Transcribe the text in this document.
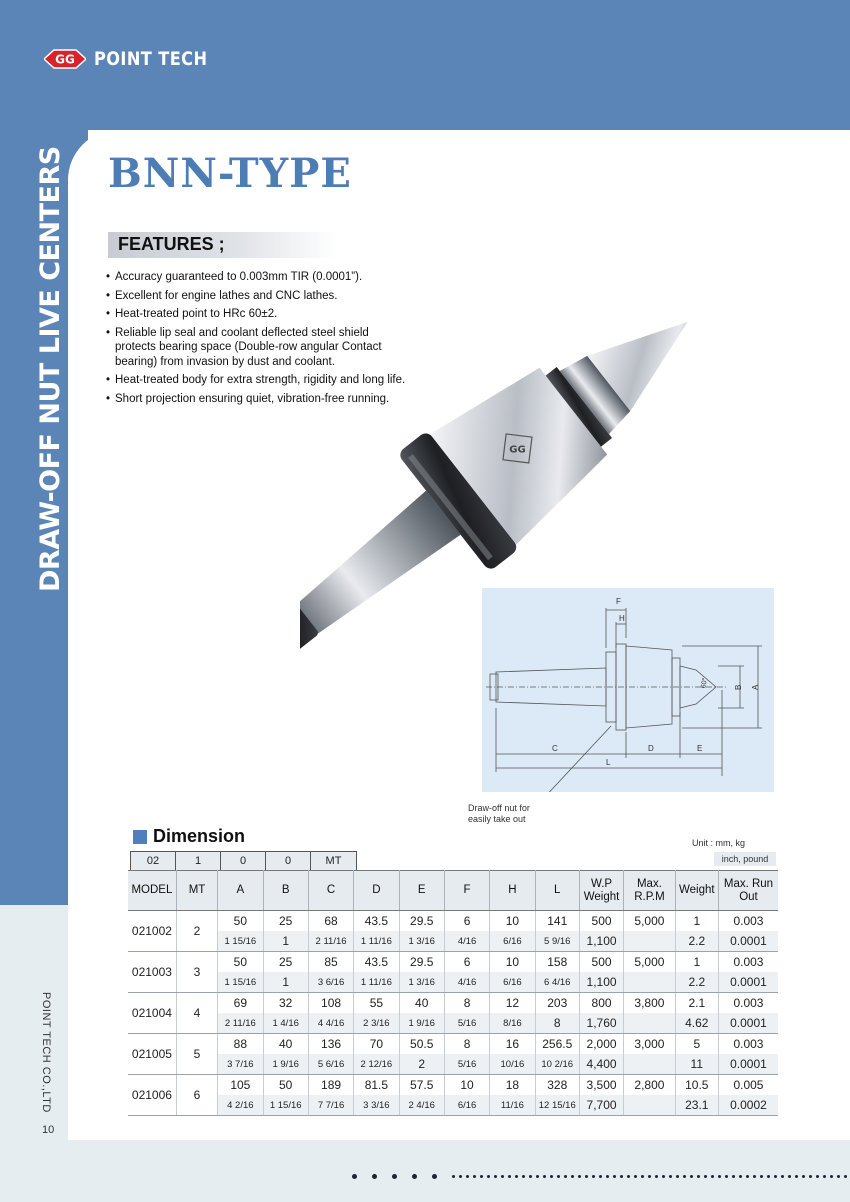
GG POINT TECH
DRAW-OFF NUT LIVE CENTERS
POINT TECH CO.,LTD
10
BNN-TYPE
FEATURES ;
• Accuracy guaranteed to 0.003mm TIR (0.0001”).
• Excellent for engine lathes and CNC lathes.
• Heat-treated point to HRc 60±2.
• Reliable lip seal and coolant deflected steel shield protects bearing space (Double-row angular Contact bearing) from invasion by dust and coolant.
• Heat-treated body for extra strength, rigidity and long life.
• Short projection ensuring quiet, vibration-free running.
GG
F
H
C	D	E
L
B A
60°
Draw-off nut for
easily take out
Dimension	Unit : mm, kg
inch, pound
02	1	0	0	MT
MODEL	MT	A	B	C	D	E	F	H	L	W.P Weight	Max. R.P.M	Weight	Max. Run Out
021002	2	50	25	68	43.5	29.5	6	10	141	500	5,000	1	0.003
		1 15/16	1	2 11/16	1 11/16	1 3/16	4/16	6/16	5 9/16	1,100		2.2	0.0001
021003	3	50	25	85	43.5	29.5	6	10	158	500	5,000	1	0.003
		1 15/16	1	3 6/16	1 11/16	1 3/16	4/16	6/16	6 4/16	1,100		2.2	0.0001
021004	4	69	32	108	55	40	8	12	203	800	3,800	2.1	0.003
		2 11/16	1 4/16	4 4/16	2 3/16	1 9/16	5/16	8/16	8	1,760		4.62	0.0001
021005	5	88	40	136	70	50.5	8	16	256.5	2,000	3,000	5	0.003
		3 7/16	1 9/16	5 6/16	2 12/16	2	5/16	10/16	10 2/16	4,400		11	0.0001
021006	6	105	50	189	81.5	57.5	10	18	328	3,500	2,800	10.5	0.005
		4 2/16	1 15/16	7 7/16	3 3/16	2 4/16	6/16	11/16	12 15/16	7,700		23.1	0.0002
